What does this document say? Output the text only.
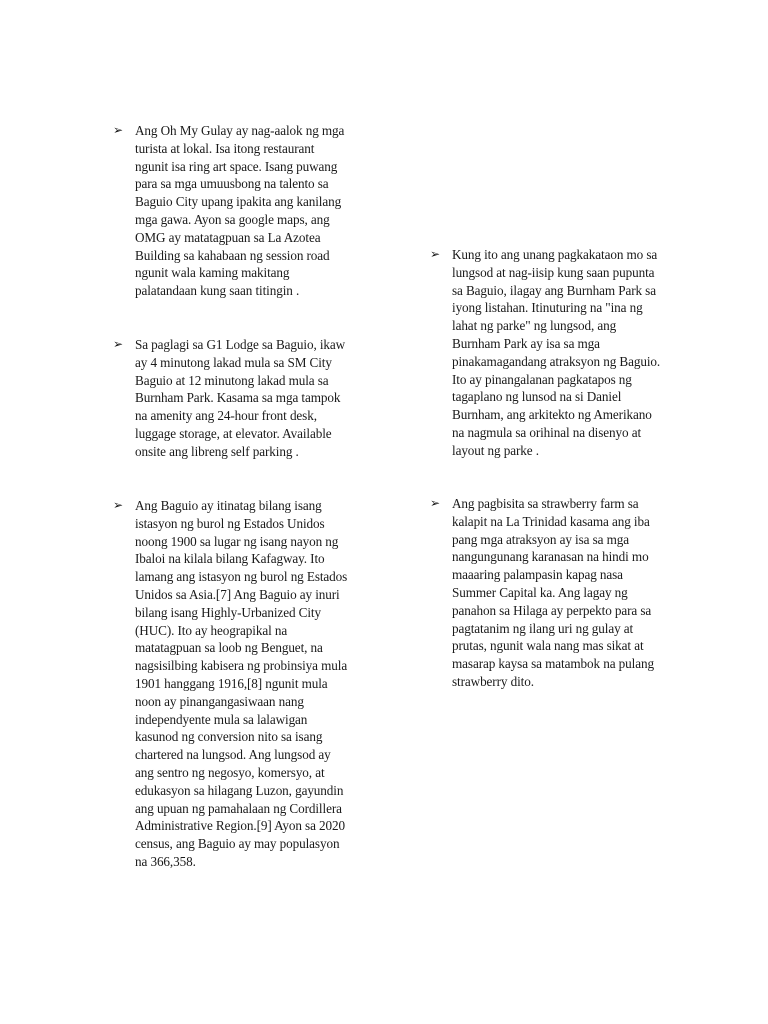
➢ Ang Oh My Gulay ay nag-aalok ng mga
turista at lokal. Isa itong restaurant
ngunit isa ring art space. Isang puwang
para sa mga umuusbong na talento sa
Baguio City upang ipakita ang kanilang
mga gawa. Ayon sa google maps, ang
OMG ay matatagpuan sa La Azotea
Building sa kahabaan ng session road
ngunit wala kaming makitang
palatandaan kung saan titingin .
➢ Sa paglagi sa G1 Lodge sa Baguio, ikaw
ay 4 minutong lakad mula sa SM City
Baguio at 12 minutong lakad mula sa
Burnham Park. Kasama sa mga tampok
na amenity ang 24-hour front desk,
luggage storage, at elevator. Available
onsite ang libreng self parking .
➢ Ang Baguio ay itinatag bilang isang
istasyon ng burol ng Estados Unidos
noong 1900 sa lugar ng isang nayon ng
Ibaloi na kilala bilang Kafagway. Ito
lamang ang istasyon ng burol ng Estados
Unidos sa Asia.[7] Ang Baguio ay inuri
bilang isang Highly-Urbanized City
(HUC). Ito ay heograpikal na
matatagpuan sa loob ng Benguet, na
nagsisilbing kabisera ng probinsiya mula
1901 hanggang 1916,[8] ngunit mula
noon ay pinangangasiwaan nang
independyente mula sa lalawigan
kasunod ng conversion nito sa isang
chartered na lungsod. Ang lungsod ay
ang sentro ng negosyo, komersyo, at
edukasyon sa hilagang Luzon, gayundin
ang upuan ng pamahalaan ng Cordillera
Administrative Region.[9] Ayon sa 2020
census, ang Baguio ay may populasyon
na 366,358.
➢ Kung ito ang unang pagkakataon mo sa
lungsod at nag-iisip kung saan pupunta
sa Baguio, ilagay ang Burnham Park sa
iyong listahan. Itinuturing na "ina ng
lahat ng parke" ng lungsod, ang
Burnham Park ay isa sa mga
pinakamagandang atraksyon ng Baguio.
Ito ay pinangalanan pagkatapos ng
tagaplano ng lunsod na si Daniel
Burnham, ang arkitekto ng Amerikano
na nagmula sa orihinal na disenyo at
layout ng parke .
➢ Ang pagbisita sa strawberry farm sa
kalapit na La Trinidad kasama ang iba
pang mga atraksyon ay isa sa mga
nangungunang karanasan na hindi mo
maaaring palampasin kapag nasa
Summer Capital ka. Ang lagay ng
panahon sa Hilaga ay perpekto para sa
pagtatanim ng ilang uri ng gulay at
prutas, ngunit wala nang mas sikat at
masarap kaysa sa matambok na pulang
strawberry dito.
